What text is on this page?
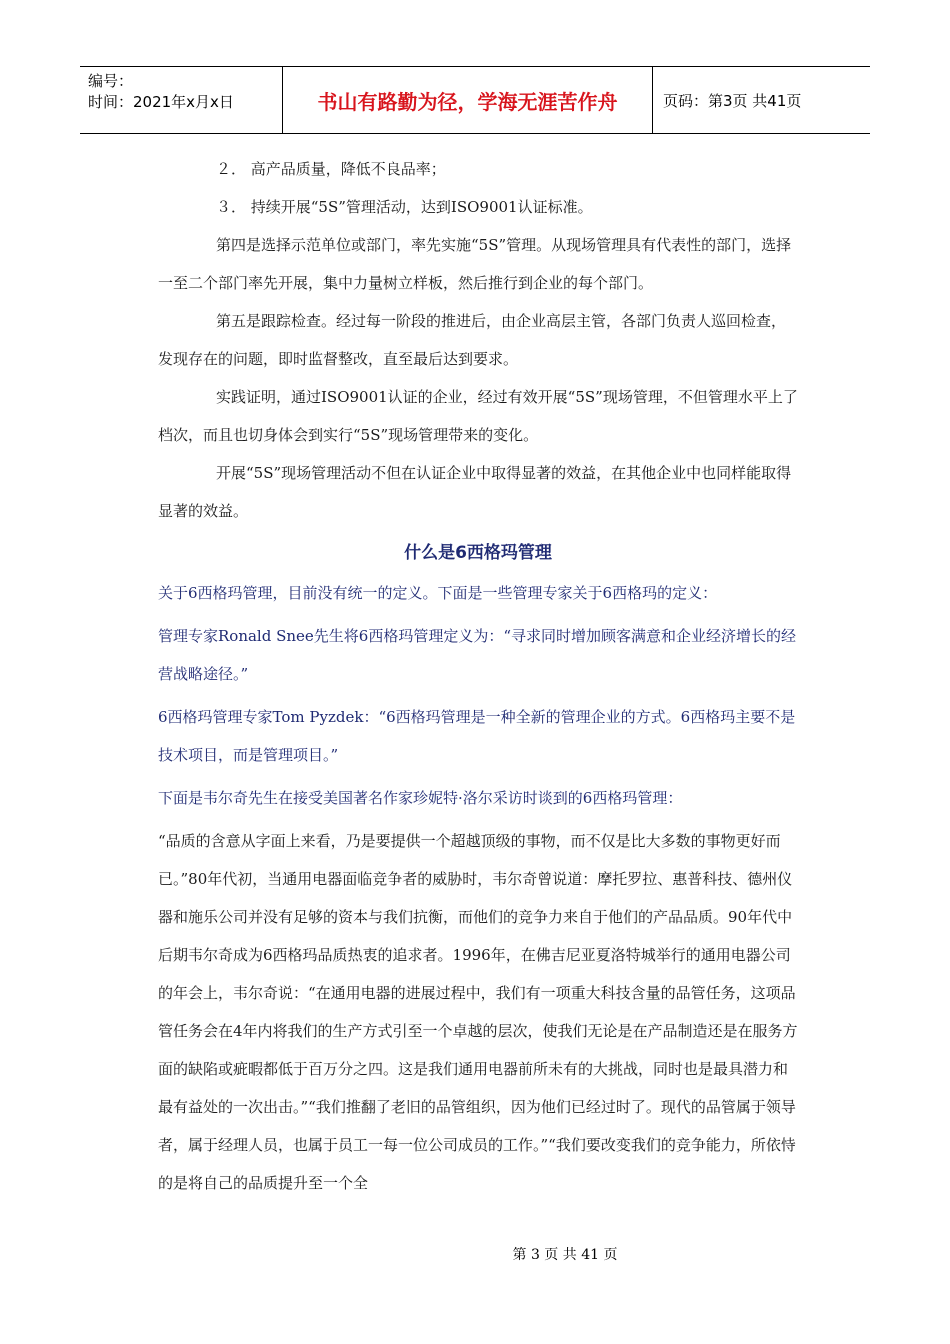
编号：
时间：2021年x月x日	书山有路勤为径，学海无涯苦作舟	页码：第3页 共41页

２． 高产品质量，降低不良品率；

３． 持续开展“5S”管理活动，达到ISO9001认证标准。

第四是选择示范单位或部门，率先实施“5S”管理。从现场管理具有代表性的部门，选择一至二个部门率先开展，集中力量树立样板，然后推行到企业的每个部门。

第五是跟踪检查。经过每一阶段的推进后，由企业高层主管，各部门负责人巡回检查，发现存在的问题，即时监督整改，直至最后达到要求。

实践证明，通过ISO9001认证的企业，经过有效开展“5S”现场管理，不但管理水平上了档次，而且也切身体会到实行“5S”现场管理带来的变化。

开展“5S”现场管理活动不但在认证企业中取得显著的效益，在其他企业中也同样能取得显著的效益。

什么是6西格玛管理

关于6西格玛管理，目前没有统一的定义。下面是一些管理专家关于6西格玛的定义：

管理专家Ronald Snee先生将6西格玛管理定义为：“寻求同时增加顾客满意和企业经济增长的经营战略途径。”

6西格玛管理专家Tom Pyzdek：“6西格玛管理是一种全新的管理企业的方式。6西格玛主要不是技术项目，而是管理项目。”

下面是韦尔奇先生在接受美国著名作家珍妮特·洛尔采访时谈到的6西格玛管理：

“品质的含意从字面上来看，乃是要提供一个超越顶级的事物，而不仅是比大多数的事物更好而已。”80年代初，当通用电器面临竞争者的威胁时，韦尔奇曾说道：摩托罗拉、惠普科技、德州仪器和施乐公司并没有足够的资本与我们抗衡，而他们的竞争力来自于他们的产品品质。90年代中后期韦尔奇成为6西格玛品质热衷的追求者。1996年，在佛吉尼亚夏洛特城举行的通用电器公司的年会上，韦尔奇说：“在通用电器的进展过程中，我们有一项重大科技含量的品管任务，这项品管任务会在4年内将我们的生产方式引至一个卓越的层次，使我们无论是在产品制造还是在服务方面的缺陷或疵暇都低于百万分之四。这是我们通用电器前所未有的大挑战，同时也是最具潜力和最有益处的一次出击。”“我们推翻了老旧的品管组织，因为他们已经过时了。现代的品管属于领导者，属于经理人员，也属于员工一每一位公司成员的工作。”“我们要改变我们的竞争能力，所依恃的是将自己的品质提升至一个全

第 3 页 共 41 页
